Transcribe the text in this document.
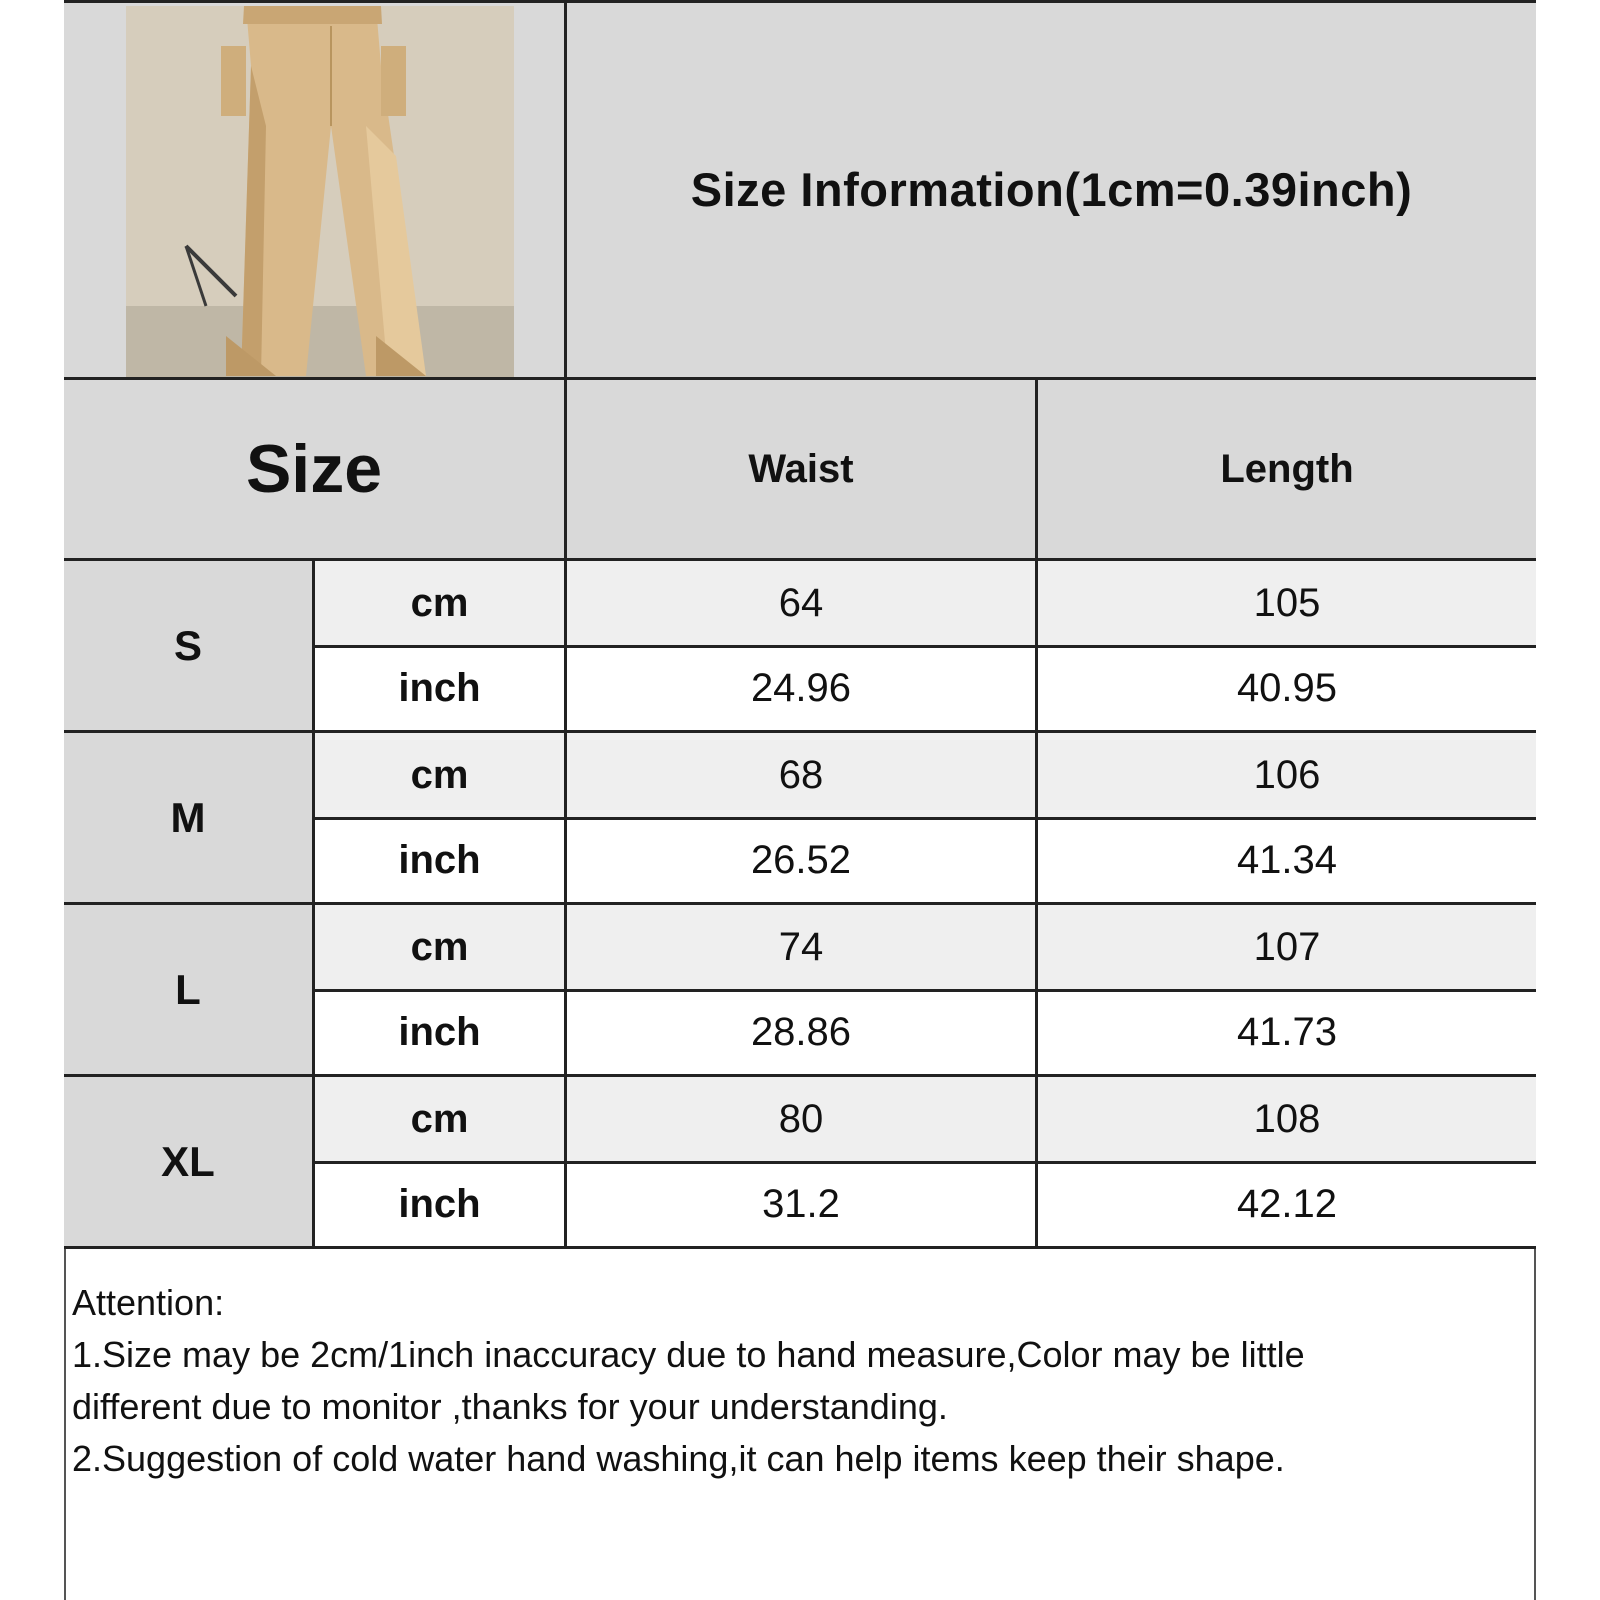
Size Information(1cm=0.39inch)
Size	Waist	Length
S
cm	64	105
inch	24.96	40.95
M
cm	68	106
inch	26.52	41.34
L
cm	74	107
inch	28.86	41.73
XL
cm	80	108
inch	31.2	42.12
Attention:
1.Size may be 2cm/1inch inaccuracy due to hand measure,Color may be little
different due to monitor ,thanks for your understanding.
2.Suggestion of cold water hand washing,it can help items keep their shape.
